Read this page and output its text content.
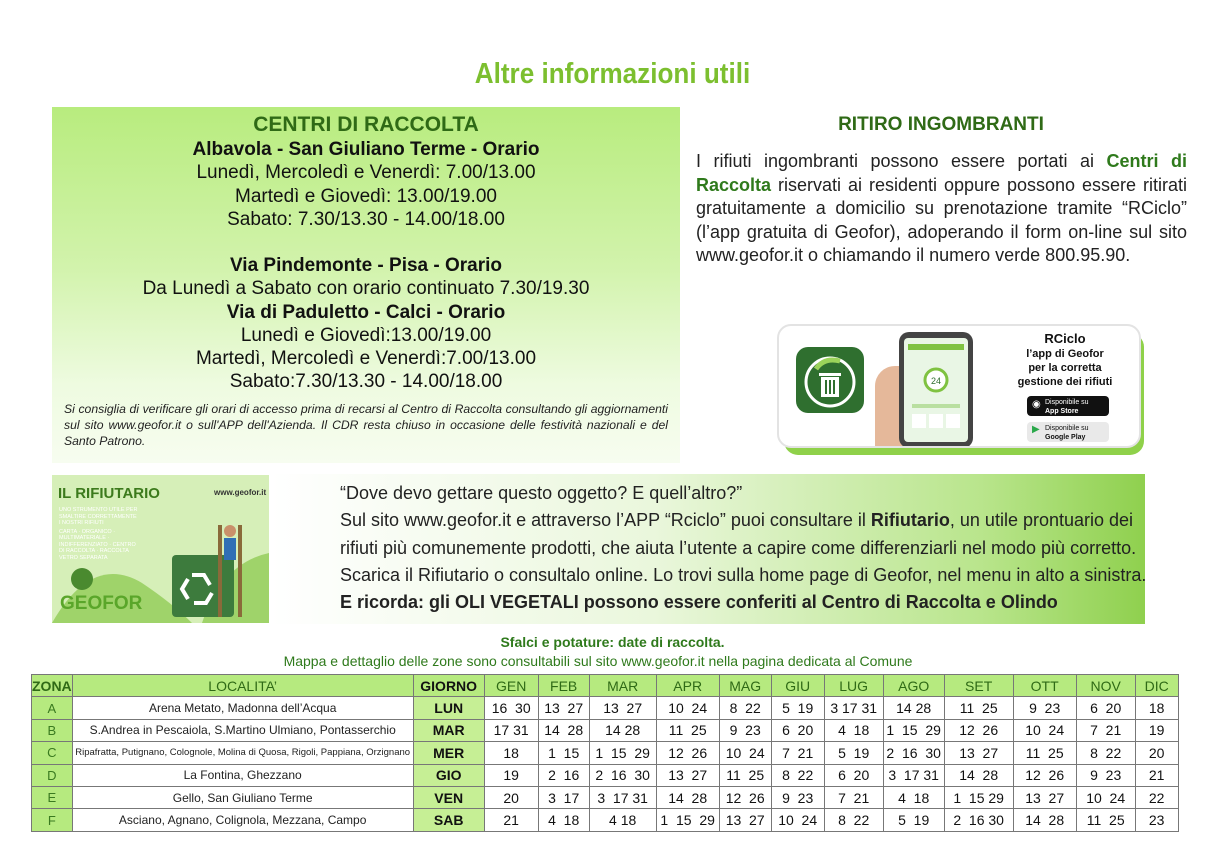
Altre informazioni utili
CENTRI DI RACCOLTA
Albavola - San Giuliano Terme - Orario
Lunedì, Mercoledì e Venerdì: 7.00/13.00
Martedì e Giovedì: 13.00/19.00
Sabato: 7.30/13.30 - 14.00/18.00
Via Pindemonte - Pisa - Orario
Da Lunedì a Sabato con orario continuato 7.30/19.30
Via di Paduletto - Calci - Orario
Lunedì e Giovedì:13.00/19.00
Martedì, Mercoledì e Venerdì:7.00/13.00
Sabato:7.30/13.30 - 14.00/18.00
Si consiglia di verificare gli orari di accesso prima di recarsi al Centro di Raccolta consultando gli aggiornamenti sul sito www.geofor.it o sull'APP dell'Azienda. Il CDR resta chiuso in occasione delle festività nazionali e del Santo Patrono.
RITIRO INGOMBRANTI
I rifiuti ingombranti possono essere portati ai Centri di Raccolta riservati ai residenti oppure possono essere ritirati gratuitamente a domicilio su prenotazione tramite “RCiclo” (l’app gratuita di Geofor), adoperando il form on-line sul sito www.geofor.it o chiamando il numero verde 800.95.90.
24
RCiclo
l’app di Geofor
per la corretta
gestione dei rifiuti
◉ Disponibile su
App Store
▶ Disponibile su
Google Play
IL RIFIUTARIO	www.geofor.it
UNO STRUMENTO UTILE PER SMALTIRE CORRETTAMENTE I NOSTRI RIFIUTI
CARTA · ORGANICO · MULTIMATERIALE · INDIFFERENZIATO · CENTRO DI RACCOLTA · RACCOLTA VETRO SEPARATA
GEOFOR
“Dove devo gettare questo oggetto? E quell’altro?”
Sul sito www.geofor.it e attraverso l’APP “Rciclo” puoi consultare il Rifiutario, un utile prontuario dei
rifiuti più comunemente prodotti, che aiuta l’utente a capire come differenziarli nel modo più corretto.
Scarica il Rifiutario o consultalo online. Lo trovi sulla home page di Geofor, nel menu in alto a sinistra.
E ricorda: gli OLI VEGETALI possono essere conferiti al Centro di Raccolta e Olindo
Sfalci e potature: date di raccolta.
Mappa e dettaglio delle zone sono consultabili sul sito www.geofor.it nella pagina dedicata al Comune
ZONA	LOCALITA’	GIORNO	GEN	FEB	MAR	APR	MAG	GIU	LUG	AGO	SET	OTT	NOV	DIC
A	Arena Metato, Madonna dell’Acqua	LUN	16  30	13  27	13  27	10  24	8  22	5  19	3 17 31	14 28	11  25	9  23	6  20	18
B	S.Andrea in Pescaiola, S.Martino Ulmiano, Pontasserchio	MAR	17 31	14  28	14 28	11  25	9  23	6  20	4  18	1  15  29	12  26	10  24	7  21	19
C	Ripafratta, Putignano, Colognole, Molina di Quosa, Rigoli, Pappiana, Orzignano	MER	18	1  15	1  15  29	12  26	10  24	7  21	5  19	2  16  30	13  27	11  25	8  22	20
D	La Fontina, Ghezzano	GIO	19	2  16	2  16  30	13  27	11  25	8  22	6  20	3  17 31	14  28	12  26	9  23	21
E	Gello, San Giuliano Terme	VEN	20	3  17	3  17 31	14  28	12  26	9  23	7  21	4  18	1  15 29	13  27	10  24	22
F	Asciano, Agnano, Colignola, Mezzana, Campo	SAB	21	4  18	4 18	1  15  29	13  27	10  24	8  22	5  19	2  16 30	14  28	11  25	23
